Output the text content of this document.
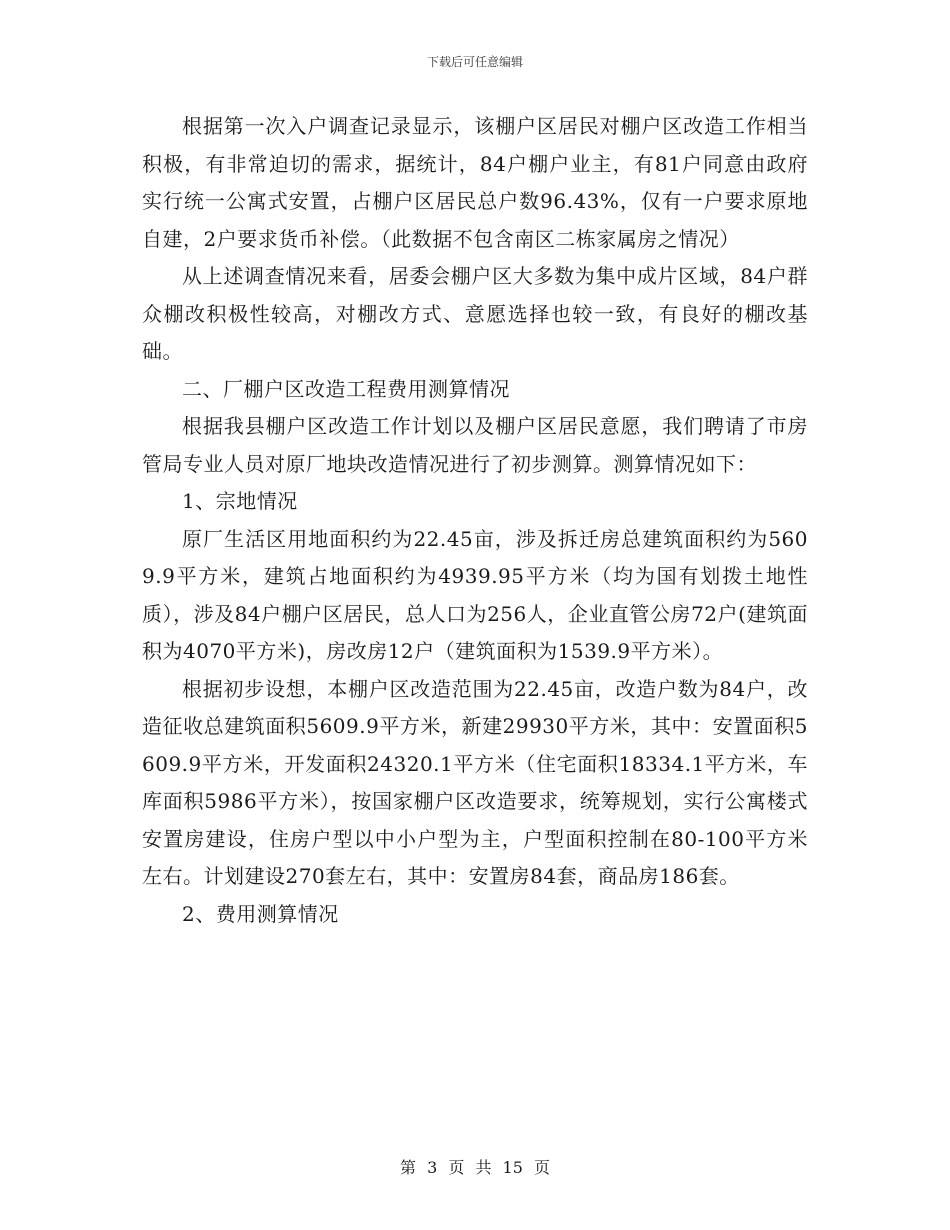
下载后可任意编辑

根据第一次入户调查记录显示，该棚户区居民对棚户区改造工作相当积极，有非常迫切的需求，据统计，84户棚户业主，有81户同意由政府实行统一公寓式安置，占棚户区居民总户数96.43%，仅有一户要求原地自建，2户要求货币补偿。（此数据不包含南区二栋家属房之情况）

从上述调查情况来看，居委会棚户区大多数为集中成片区域，84户群众棚改积极性较高，对棚改方式、意愿选择也较一致，有良好的棚改基础。

二、厂棚户区改造工程费用测算情况

根据我县棚户区改造工作计划以及棚户区居民意愿，我们聘请了市房管局专业人员对原厂地块改造情况进行了初步测算。测算情况如下：

1、宗地情况

原厂生活区用地面积约为22.45亩，涉及拆迁房总建筑面积约为5609.9平方米，建筑占地面积约为4939.95平方米（均为国有划拨土地性质），涉及84户棚户区居民，总人口为256人，企业直管公房72户(建筑面积为4070平方米)，房改房12户（建筑面积为1539.9平方米）。

根据初步设想，本棚户区改造范围为22.45亩，改造户数为84户，改造征收总建筑面积5609.9平方米，新建29930平方米，其中：安置面积5609.9平方米，开发面积24320.1平方米（住宅面积18334.1平方米，车库面积5986平方米），按国家棚户区改造要求，统筹规划，实行公寓楼式安置房建设，住房户型以中小户型为主，户型面积控制在80-100平方米左右。计划建设270套左右，其中：安置房84套，商品房186套。

2、费用测算情况

第 3 页 共 15 页
